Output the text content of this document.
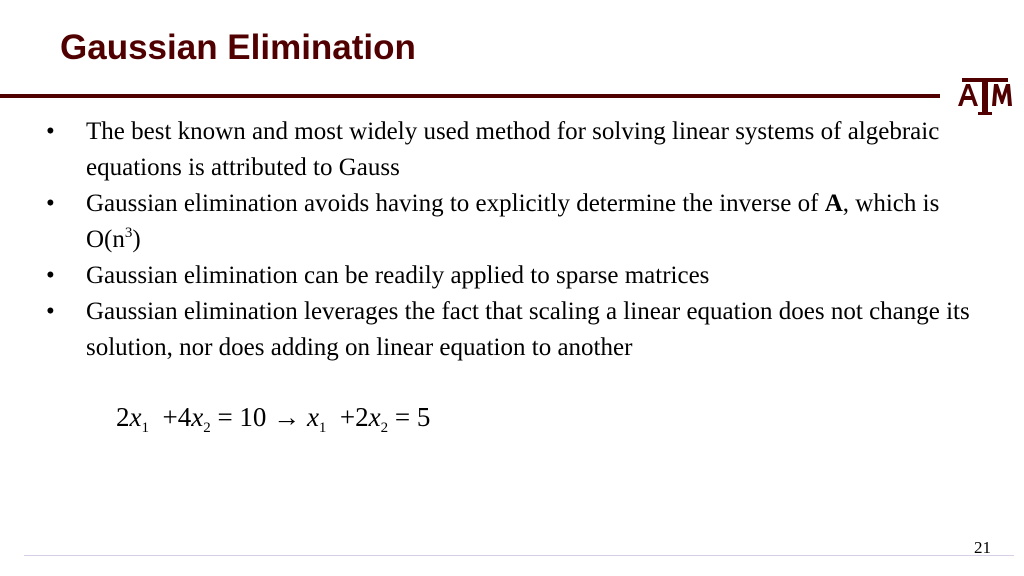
Gaussian Elimination
• The best known and most widely used method for solving linear systems of algebraic equations is attributed to Gauss
• Gaussian elimination avoids having to explicitly determine the inverse of A, which is $O(n^3)$
• Gaussian elimination can be readily applied to sparse matrices
• Gaussian elimination leverages the fact that scaling a linear equation does not change its solution, nor does adding on linear equation to another
$2x_1 +4x_2 = 10 \to x_1 +2x_2 = 5$
21
